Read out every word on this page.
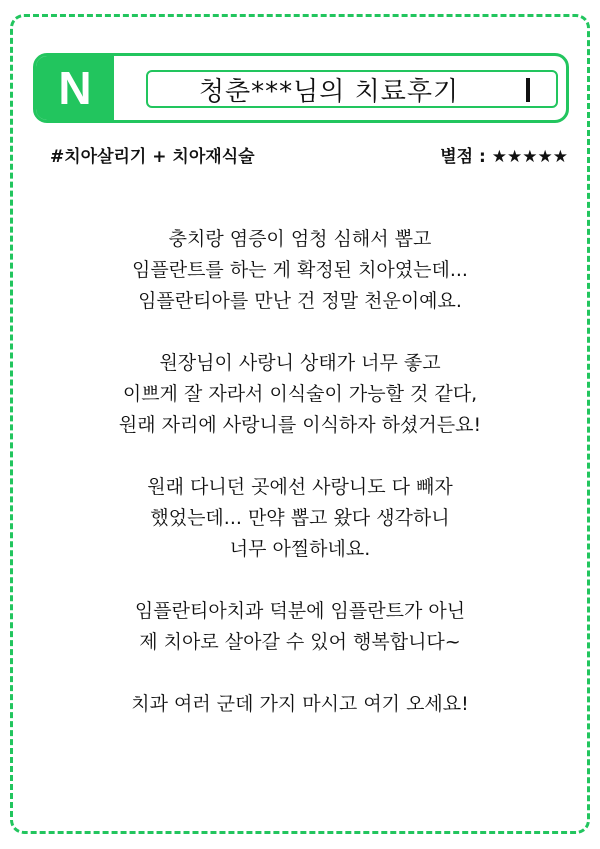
N	청춘***님의 치료후기
#치아살리기 + 치아재식술	별점 : ★★★★★

충치랑 염증이 엄청 심해서 뽑고
임플란트를 하는 게 확정된 치아였는데...
임플란티아를 만난 건 정말 천운이예요.

원장님이 사랑니 상태가 너무 좋고
이쁘게 잘 자라서 이식술이 가능할 것 같다,
원래 자리에 사랑니를 이식하자 하셨거든요!

원래 다니던 곳에선 사랑니도 다 빼자
했었는데... 만약 뽑고 왔다 생각하니
너무 아찔하네요.

임플란티아치과 덕분에 임플란트가 아닌
제 치아로 살아갈 수 있어 행복합니다~

치과 여러 군데 가지 마시고 여기 오세요!
